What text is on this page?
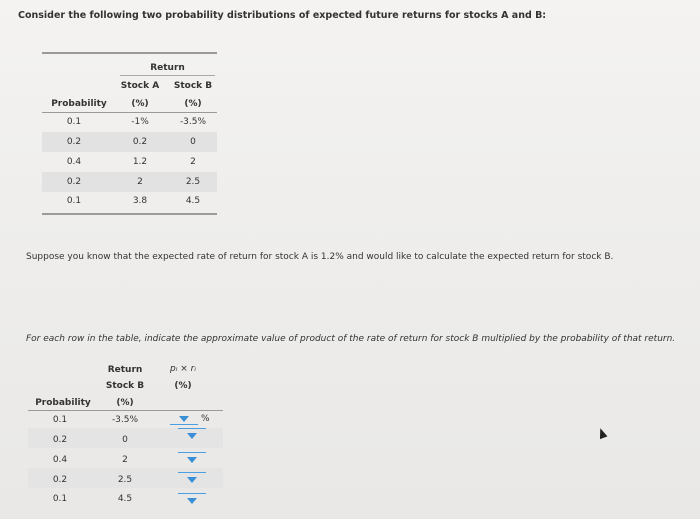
Consider the following two probability distributions of expected future returns for stocks A and B:
Return
Stock A	Stock B
Probability	(%)	(%)
0.1	-1%	-3.5%
0.2	0.2	0
0.4	1.2	2
0.2	2	2.5
0.1	3.8	4.5
Suppose you know that the expected rate of return for stock A is 1.2% and would like to calculate the expected return for stock B.
For each row in the table, indicate the approximate value of product of the rate of return for stock B multiplied by the probability of that return.
Return
Stock B
(%)
pᵢ × rᵢ
(%)
Probability
0.1	-3.5%	%
0.2	0
0.4	2
0.2	2.5
0.1	4.5
